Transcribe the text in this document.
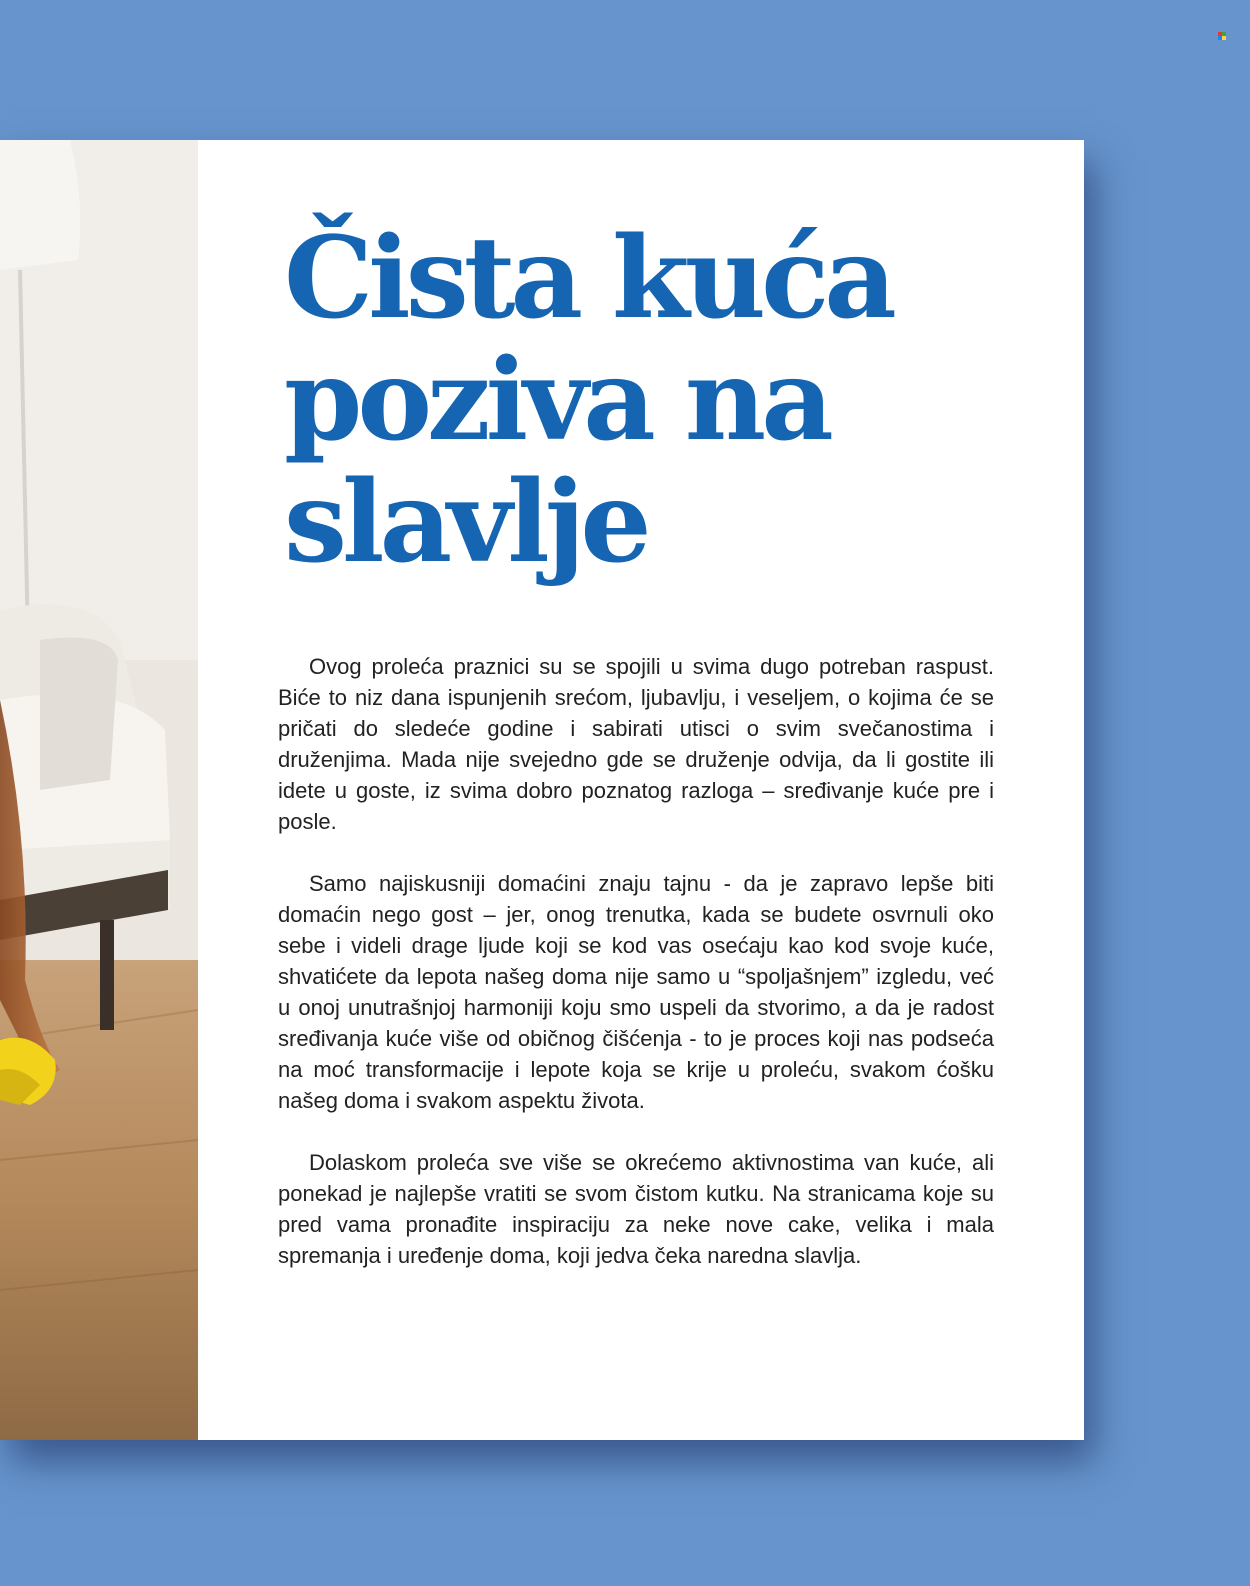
Čista kuća poziva na slavlje

Ovog proleća praznici su se spojili u svima dugo potreban raspust. Biće to niz dana ispunjenih srećom, ljubavlju, i veseljem, o kojima će se pričati do sledeće godine i sabirati utisci o svim svečanostima i druženjima. Mada nije svejedno gde se druženje odvija, da li gostite ili idete u goste, iz svima dobro poznatog razloga – sređivanje kuće pre i posle.

Samo najiskusniji domaćini znaju tajnu - da je zapravo lepše biti domaćin nego gost – jer, onog trenutka, kada se budete osvrnuli oko sebe i videli drage ljude koji se kod vas osećaju kao kod svoje kuće, shvatićete da lepota našeg doma nije samo u “spoljašnjem” izgledu, već u onoj unutrašnjoj harmoniji koju smo uspeli da stvorimo, a da je radost sređivanja kuće više od običnog čišćenja - to je proces koji nas podseća na moć transformacije i lepote koja se krije u proleću, svakom ćošku našeg doma i svakom aspektu života.

Dolaskom proleća sve više se okrećemo aktivnostima van kuće, ali ponekad je najlepše vratiti se svom čistom kutku. Na stranicama koje su pred vama pronađite inspiraciju za neke nove cake, velika i mala spremanja i uređenje doma, koji jedva čeka naredna slavlja.
